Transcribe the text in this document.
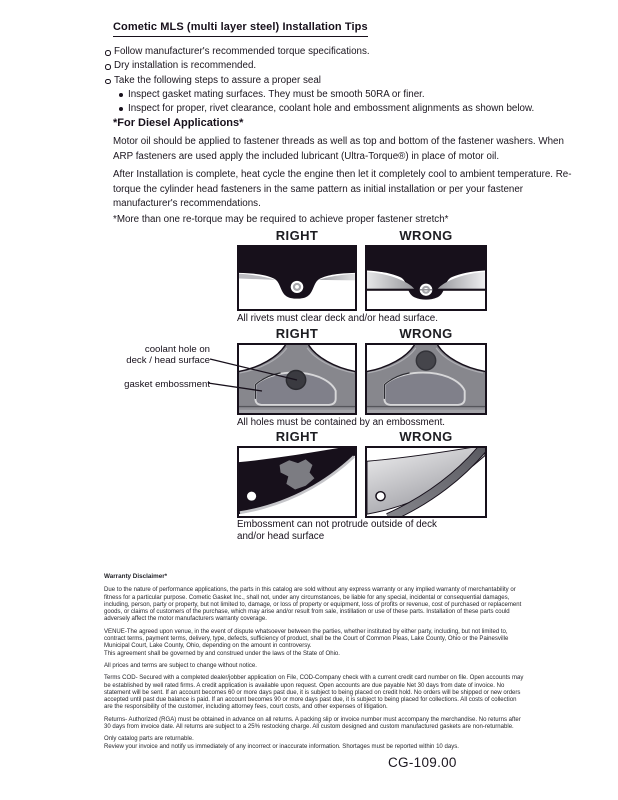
Cometic MLS (multi layer steel) Installation Tips
Follow manufacturer's recommended torque specifications.
Dry installation is recommended.
Take the following steps to assure a proper seal
Inspect gasket mating surfaces. They must be smooth 50RA or finer.
Inspect for proper, rivet clearance, coolant hole and embossment alignments as shown below.
*For Diesel Applications*

Motor oil should be applied to fastener threads as well as top and bottom of the fastener washers. When ARP fasteners are used apply the included lubricant (Ultra-Torque®) in place of motor oil.

After Installation is complete, heat cycle the engine then let it completely cool to ambient temperature. Re-torque the cylinder head fasteners in the same pattern as initial installation or per your fastener manufacturer's recommendations.

*More than one re-torque may be required to achieve proper fastener stretch*

RIGHT	WRONG
All rivets must clear deck and/or head surface.
RIGHT	WRONG
coolant hole on
deck / head surface
gasket embossment
All holes must be contained by an embossment.
RIGHT	WRONG
Embossment can not protrude outside of deck and/or head surface
Warranty Disclaimer*

Due to the nature of performance applications, the parts in this catalog are sold without any express warranty or any implied warranty of merchantability or fitness for a particular purpose. Cometic Gasket Inc., shall not, under any circumstances, be liable for any special, incidental or consequential damages, including, person, party or property, but not limited to, damage, or loss of property or equipment, loss of profits or revenue, cost of purchased or replacement goods, or claims of customers of the purchase, which may arise and/or result from sale, instillation or use of these parts. Installation of these parts could adversely affect the motor manufacturers warranty coverage.

VENUE-The agreed upon venue, in the event of dispute whatsoever between the parties, whether instituted by either party, including, but not limited to, contract terms, payment terms, delivery, type, defects, sufficiency of product, shall be the Court of Common Pleas, Lake County, Ohio or the Painesville Municipal Court, Lake County, Ohio, depending on the amount in controversy.

This agreement shall be governed by and construed under the laws of the State of Ohio.

All prices and terms are subject to change without notice.

Terms COD- Secured with a completed dealer/jobber application on File, COD-Company check with a current credit card number on file. Open accounts may be established by well rated firms. A credit application is available upon request. Open accounts are due payable Net 30 days from date of invoice. No statement will be sent. If an account becomes 60 or more days past due, it is subject to being placed on credit hold. No orders will be shipped or new orders accepted until past due balance is paid. If an account becomes 90 or more days past due, it is subject to being placed for collections. All costs of collection are the responsibility of the customer, including attorney fees, court costs, and other expenses of litigation.

Returns- Authorized (RGA) must be obtained in advance on all returns. A packing slip or invoice number must accompany the merchandise. No returns after 30 days from invoice date. All returns are subject to a 25% restocking charge. All custom designed and custom manufactured gaskets are non-returnable.

Only catalog parts are returnable.

Review your invoice and notify us immediately of any incorrect or inaccurate information. Shortages must be reported within 10 days.

CG-109.00
